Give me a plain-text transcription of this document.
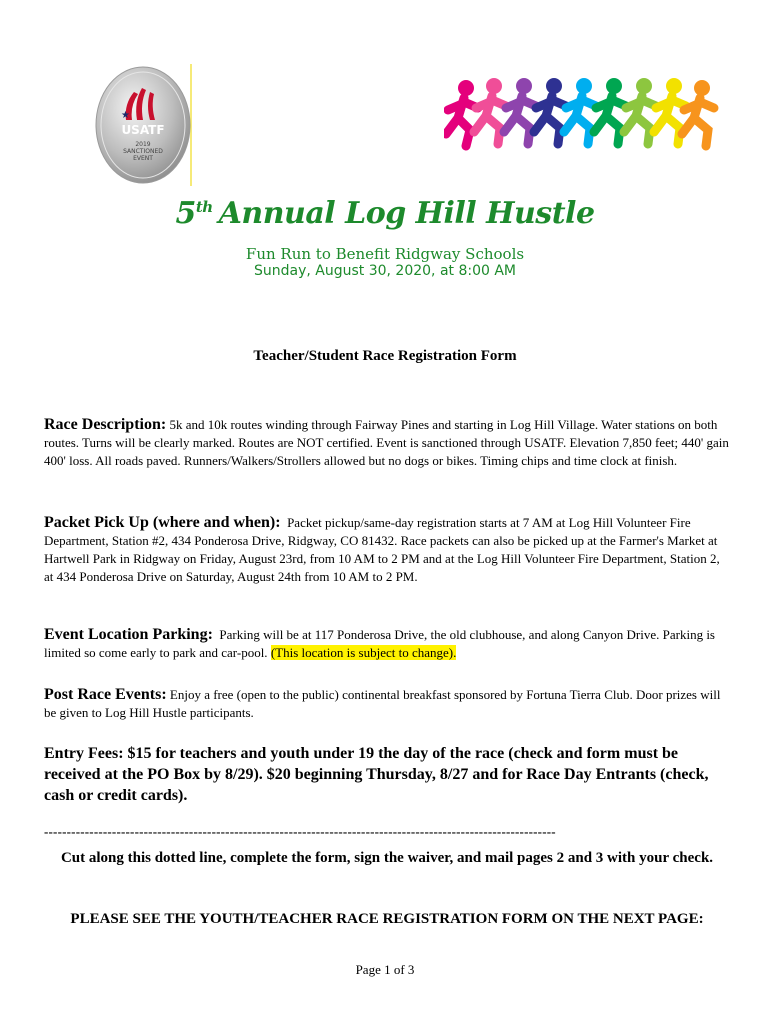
★
USATF
2019
SANCTIONED
EVENT
5th Annual Log Hill Hustle
Fun Run to Benefit Ridgway Schools
Sunday, August 30, 2020, at 8:00 AM
Teacher/Student Race Registration Form
Race Description: 5k and 10k routes winding through Fairway Pines and starting in Log Hill Village. Water stations on both routes. Turns will be clearly marked. Routes are NOT certified. Event is sanctioned through USATF. Elevation 7,850 feet; 440' gain 400' loss. All roads paved. Runners/Walkers/Strollers allowed but no dogs or bikes. Timing chips and time clock at finish.
Packet Pick Up (where and when): Packet pickup/same-day registration starts at 7 AM at Log Hill Volunteer Fire Department, Station #2, 434 Ponderosa Drive, Ridgway, CO 81432. Race packets can also be picked up at the Farmer's Market at Hartwell Park in Ridgway on Friday, August 23rd, from 10 AM to 2 PM and at the Log Hill Volunteer Fire Department, Station 2, at 434 Ponderosa Drive on Saturday, August 24th from 10 AM to 2 PM.
Event Location Parking: Parking will be at 117 Ponderosa Drive, the old clubhouse, and along Canyon Drive. Parking is limited so come early to park and car-pool. (This location is subject to change).
Post Race Events: Enjoy a free (open to the public) continental breakfast sponsored by Fortuna Tierra Club. Door prizes will be given to Log Hill Hustle participants.
Entry Fees: $15 for teachers and youth under 19 the day of the race (check and form must be received at the PO Box by 8/29). $20 beginning Thursday, 8/27 and for Race Day Entrants (check, cash or credit cards).
-----------------------------------------------------------------------------------------------------------------
Cut along this dotted line, complete the form, sign the waiver, and mail pages 2 and 3 with your check.
PLEASE SEE THE YOUTH/TEACHER RACE REGISTRATION FORM ON THE NEXT PAGE:
Page 1 of 3
